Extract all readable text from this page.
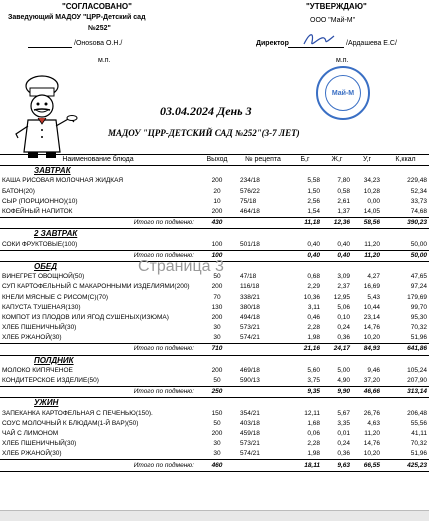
"СОГЛАСОВАНО"
Заведующий МАДОУ "ЦРР-Детский сад
№252"
/Онosова О.Н./
м.п.
"УТВЕРЖДАЮ"
ООО "Май-М"
Директор	/Ардашева Е.С/
м.п.
Май-М
03.04.2024 День 3
МАДОУ "ЦРР-ДЕТСКИЙ САД №252"(3-7 ЛЕТ)
Наименование блюда	Выход	№ рецепта	Б,г	Ж,г	У,г	К,ккал
ЗАВТРАК						
КАША РИСОВАЯ МОЛОЧНАЯ ЖИДКАЯ	200	234/18	5,58	7,80	34,23	229,48
БАТОН(20)	20	576/22	1,50	0,58	10,28	52,34
СЫР (ПОРЦИОННО)(10)	10	75/18	2,56	2,61	0,00	33,73
КОФЕЙНЫЙ НАПИТОК	200	464/18	1,54	1,37	14,05	74,68
Итого по подменю:	430		11,18	12,36	58,56	390,23
2 ЗАВТРАК						
СОКИ ФРУКТОВЫЕ(100)	100	501/18	0,40	0,40	11,20	50,00
Итого по подменю:	100		0,40	0,40	11,20	50,00
ОБЕД						
ВИНЕГРЕТ ОВОЩНОЙ(50)	50	47/18	0,68	3,09	4,27	47,65
СУП КАРТОФЕЛЬНЫЙ С МАКАРОННЫМИ ИЗДЕЛИЯМИ(200)	200	116/18	2,29	2,37	16,69	97,24
КНЕЛИ МЯСНЫЕ С РИСОМ(С)(70)	70	338/21	10,36	12,95	5,43	179,69
КАПУСТА ТУШЕНАЯ(130)	130	380/18	3,11	5,06	10,44	99,70
КОМПОТ ИЗ ПЛОДОВ ИЛИ ЯГОД СУШЕНЫХ(ИЗЮМА)	200	494/18	0,46	0,10	23,14	95,30
ХЛЕБ ПШЕНИЧНЫЙ(30)	30	573/21	2,28	0,24	14,76	70,32
ХЛЕБ РЖАНОЙ(30)	30	574/21	1,98	0,36	10,20	51,96
Итого по подменю:	710		21,16	24,17	84,93	641,86
ПОЛДНИК						
МОЛОКО КИПЯЧЕНОЕ	200	469/18	5,60	5,00	9,46	105,24
КОНДИТЕРСКОЕ ИЗДЕЛИЕ(50)	50	590/13	3,75	4,90	37,20	207,90
Итого по подменю:	250		9,35	9,90	46,66	313,14
УЖИН						
ЗАПЕКАНКА КАРТОФЕЛЬНАЯ С ПЕЧЕНЬЮ(150).	150	354/21	12,11	5,67	26,76	206,48
СОУС МОЛОЧНЫЙ К БЛЮДАМ(1-Й ВАР)(50)	50	403/18	1,68	3,35	4,63	55,56
ЧАЙ С ЛИМОНОМ	200	459/18	0,06	0,01	11,20	41,11
ХЛЕБ ПШЕНИЧНЫЙ(30)	30	573/21	2,28	0,24	14,76	70,32
ХЛЕБ РЖАНОЙ(30)	30	574/21	1,98	0,36	10,20	51,96
Итого по подменю:	460		18,11	9,63	66,55	425,23
Страница 3
